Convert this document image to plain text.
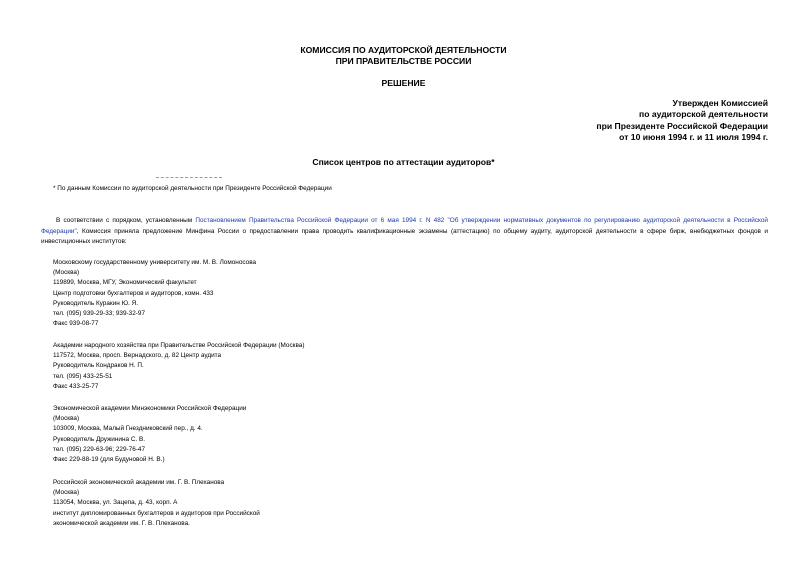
КОМИССИЯ ПО АУДИТОРСКОЙ ДЕЯТЕЛЬНОСТИ
ПРИ ПРАВИТЕЛЬСТВЕ РОССИИ
РЕШЕНИЕ
Утвержден Комиссией
по аудиторской деятельности
при Президенте Российской Федерации
от 10 июня 1994 г. и 11 июля 1994 г.
Список центров по аттестации аудиторов*
* По данным Комиссии по аудиторской деятельности при Президенте Российской Федерации
В соответствии с порядком, установленным Постановлением Правительства Российской Федерации от 6 мая 1994 г. N 482 "Об утверждении нормативных документов по регулированию аудиторской деятельности в Российской Федерации", Комиссия приняла предложение Минфина России о предоставлении права проводить квалификационные экзамены (аттестацию) по общему аудиту, аудиторской деятельности в сфере бирж, внебюджетных фондов и инвестиционных институтов:
Московскому государственному университету им. М. В. Ломоносова
(Москва)
119899, Москва, МГУ, Экономический факультет
Центр подготовки бухгалтеров и аудиторов, комн. 433
Руководитель Куракин Ю. Я.
тел. (095) 939-29-33; 939-32-97
Факс 939-08-77
Академии народного хозяйства при Правительстве Российской Федерации (Москва)
117572, Москва, просп. Вернадского, д. 82 Центр аудита
Руководитель Кондраков Н. П.
тел. (095) 433-25-51
Факс 433-25-77
Экономической академии Минэкономики Российской Федерации
(Москва)
103009, Москва, Малый Гнездниковский пер., д. 4.
Руководитель Дружинина С. В.
тел. (095) 229-63-96; 229-76-47
Факс 229-88-19 (для Будуновой Н. В.)
Российской экономической академии им. Г. В. Плеханова
(Москва)
113054, Москва, ул. Зацепа, д. 43, корп. А
институт дипломированных бухгалтеров и аудиторов при Российской
экономической академии им. Г. В. Плеханова.
